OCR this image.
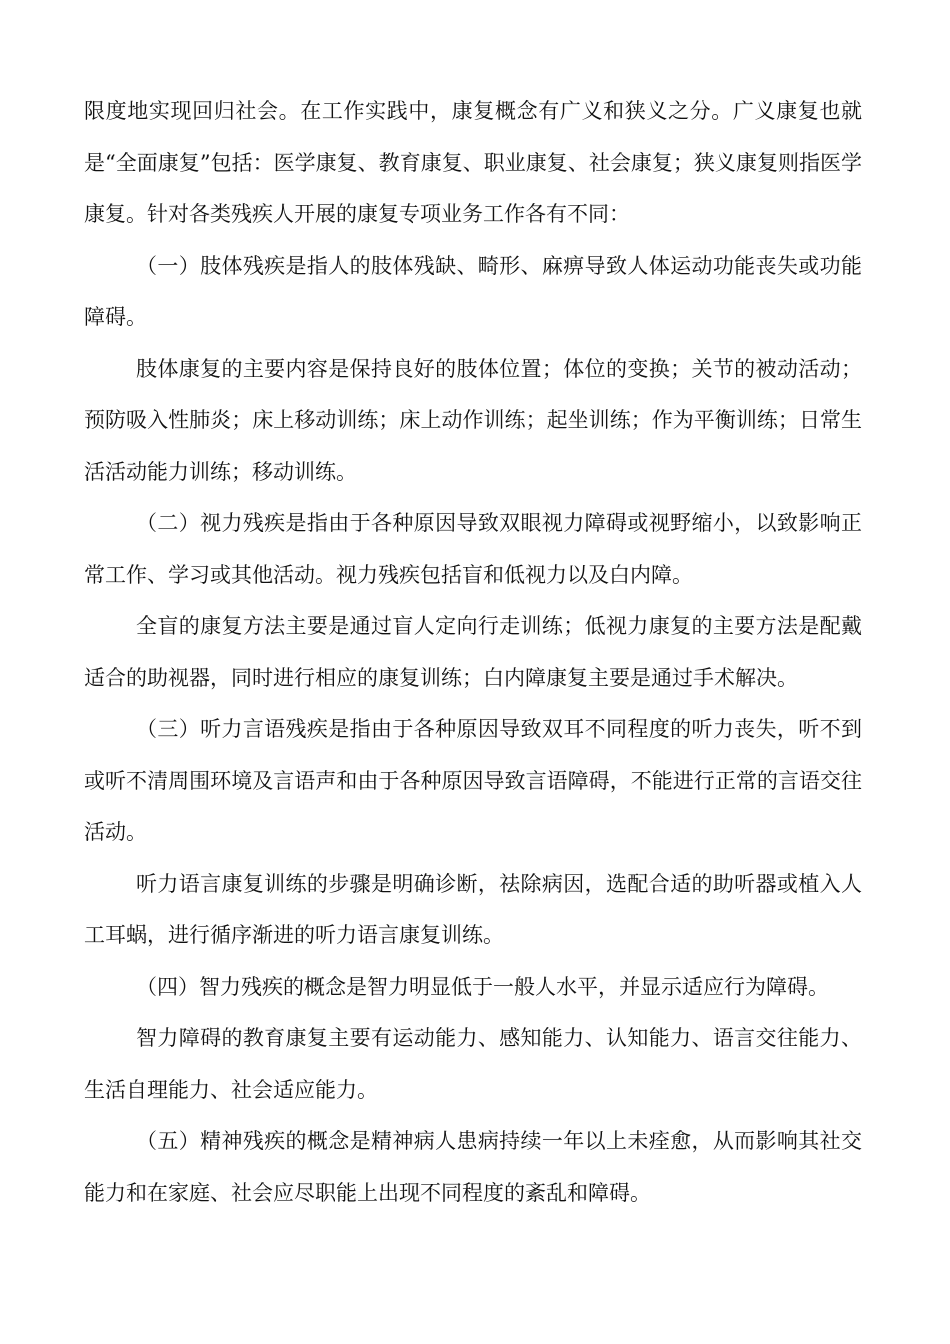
限度地实现回归社会。在工作实践中，康复概念有广义和狭义之分。广义康复也就是“全面康复”包括：医学康复、教育康复、职业康复、社会康复；狭义康复则指医学康复。针对各类残疾人开展的康复专项业务工作各有不同：

（一）肢体残疾是指人的肢体残缺、畸形、麻痹导致人体运动功能丧失或功能障碍。

肢体康复的主要内容是保持良好的肢体位置；体位的变换；关节的被动活动；预防吸入性肺炎；床上移动训练；床上动作训练；起坐训练；作为平衡训练；日常生活活动能力训练；移动训练。

（二）视力残疾是指由于各种原因导致双眼视力障碍或视野缩小，以致影响正常工作、学习或其他活动。视力残疾包括盲和低视力以及白内障。

全盲的康复方法主要是通过盲人定向行走训练；低视力康复的主要方法是配戴适合的助视器，同时进行相应的康复训练；白内障康复主要是通过手术解决。

（三）听力言语残疾是指由于各种原因导致双耳不同程度的听力丧失，听不到或听不清周围环境及言语声和由于各种原因导致言语障碍，不能进行正常的言语交往活动。

听力语言康复训练的步骤是明确诊断，祛除病因，选配合适的助听器或植入人工耳蜗，进行循序渐进的听力语言康复训练。

（四）智力残疾的概念是智力明显低于一般人水平，并显示适应行为障碍。

智力障碍的教育康复主要有运动能力、感知能力、认知能力、语言交往能力、生活自理能力、社会适应能力。

（五）精神残疾的概念是精神病人患病持续一年以上未痊愈，从而影响其社交能力和在家庭、社会应尽职能上出现不同程度的紊乱和障碍。
